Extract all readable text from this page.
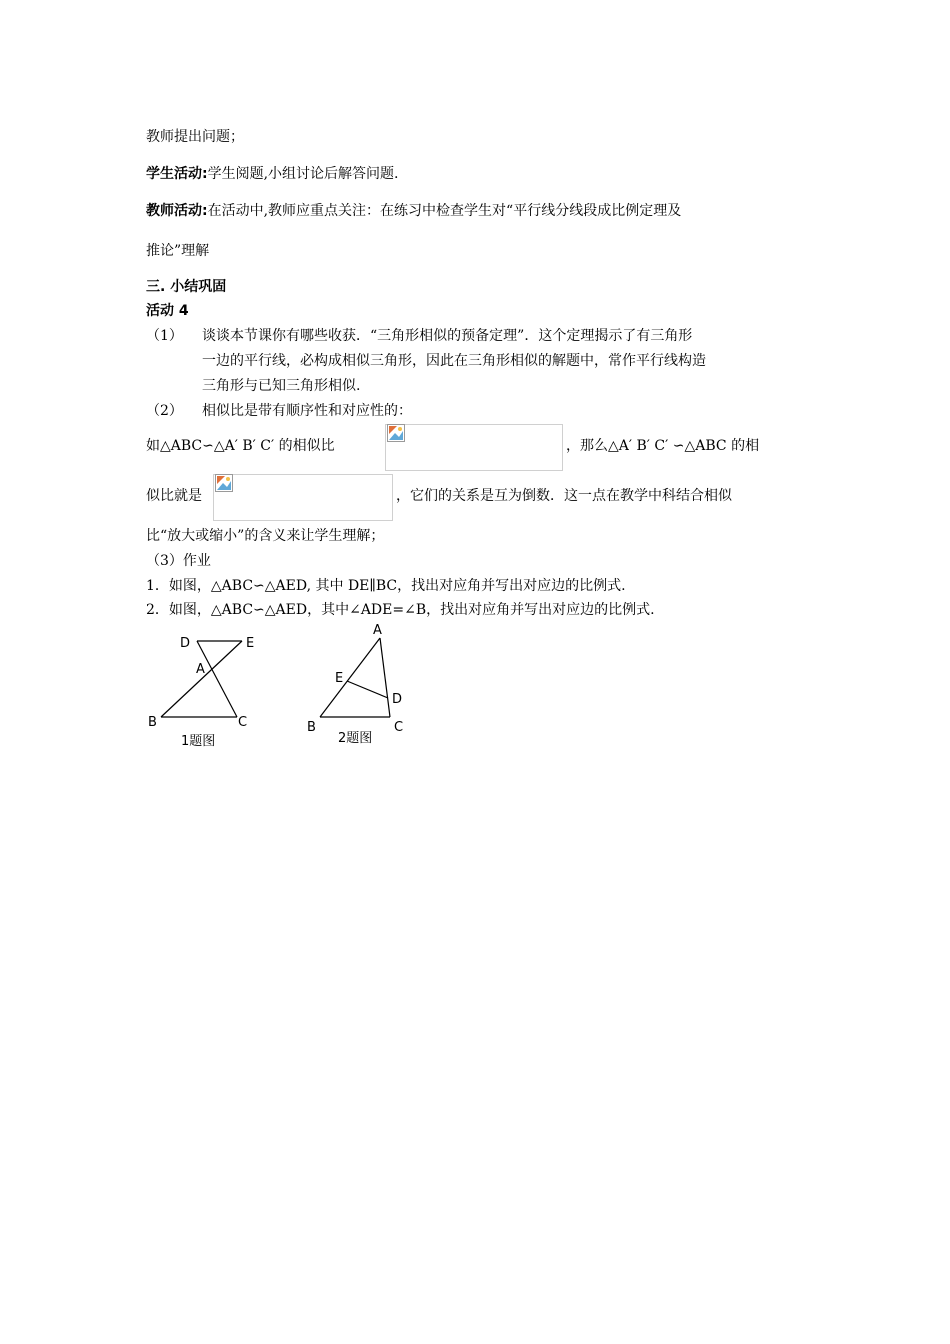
教师提出问题；
学生活动:学生阅题,小组讨论后解答问题.
教师活动:在活动中,教师应重点关注：在练习中检查学生对“平行线分线段成比例定理及
推论”理解
三. 小结巩固
活动 4
（1） 谈谈本节课你有哪些收获．“三角形相似的预备定理”．这个定理揭示了有三角形
一边的平行线，必构成相似三角形，因此在三角形相似的解题中，常作平行线构造
三角形与已知三角形相似.
（2） 相似比是带有顺序性和对应性的：
如△ABC∽△A′ B′ C′ 的相似比	，那么△A′ B′ C′ ∽△ABC 的相
似比就是	，它们的关系是互为倒数．这一点在教学中科结合相似
比“放大或缩小”的含义来让学生理解；
（3）作业
1．如图，△ABC∽△AED, 其中 DE∥BC，找出对应角并写出对应边的比例式.
2．如图，△ABC∽△AED，其中∠ADE=∠B，找出对应角并写出对应边的比例式.
D	E
A
B	C
1题图
A
E
D
B	C
2题图
